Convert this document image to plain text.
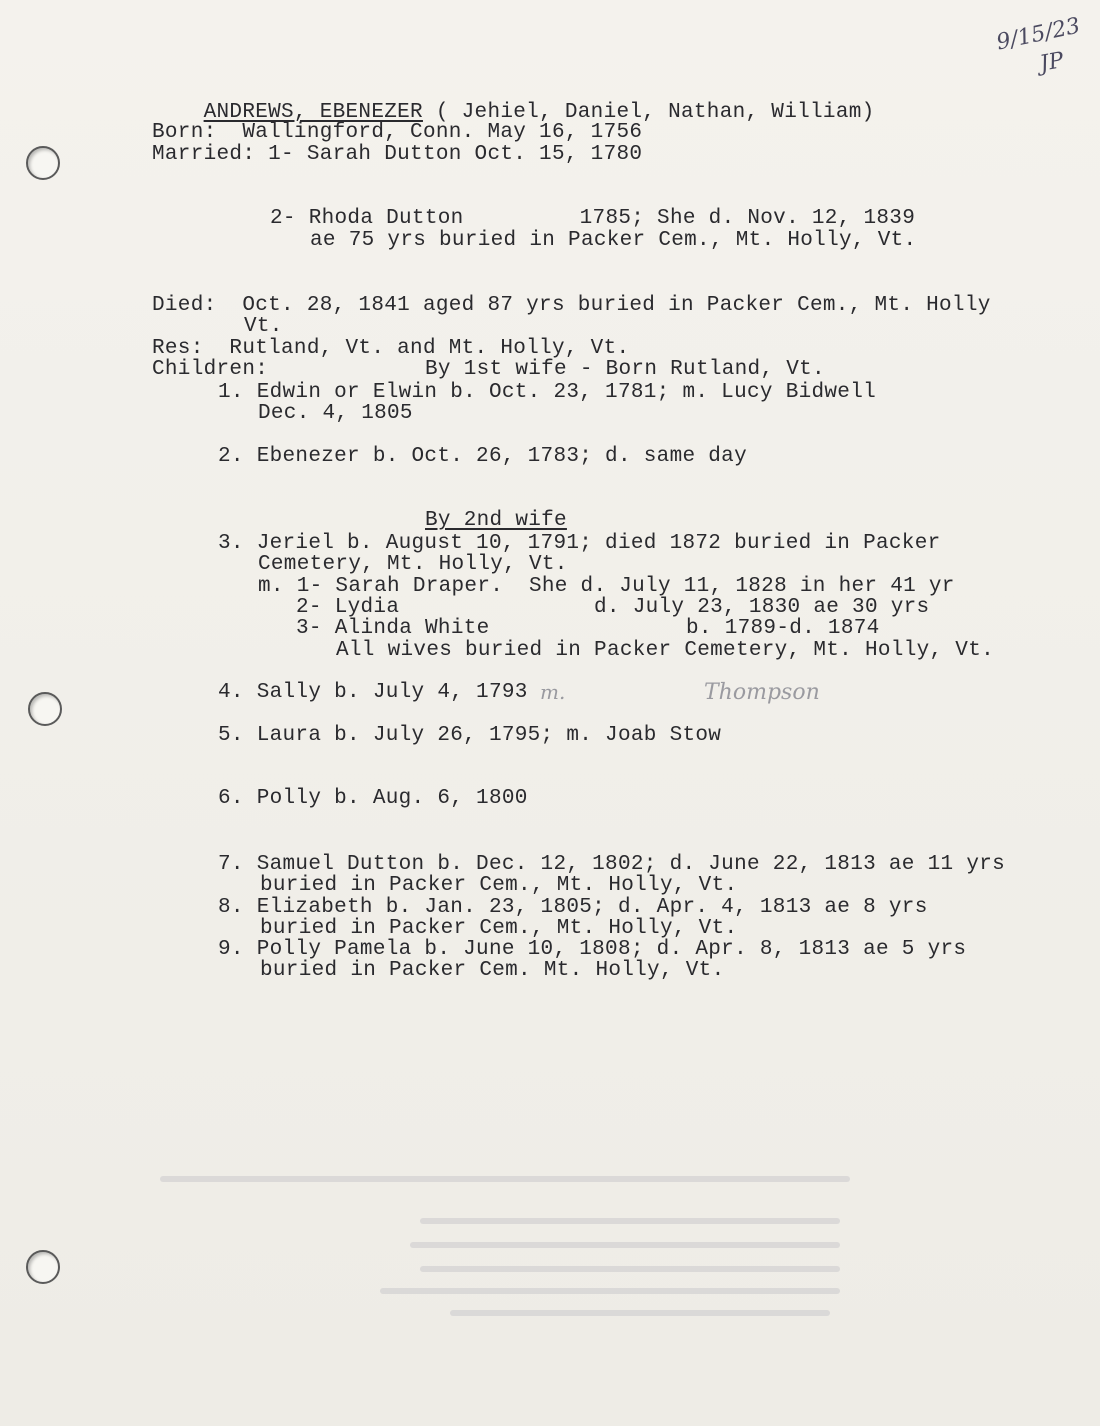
9/15/23
JP

ANDREWS, EBENEZER ( Jehiel, Daniel, Nathan, William)

Born:  Wallingford, Conn. May 16, 1756
Married: 1- Sarah Dutton Oct. 15, 1780
2- Rhoda Dutton         1785; She d. Nov. 12, 1839
ae 75 yrs buried in Packer Cem., Mt. Holly, Vt.
Died:  Oct. 28, 1841 aged 87 yrs buried in Packer Cem., Mt. Holly
Vt.
Res:  Rutland, Vt. and Mt. Holly, Vt.
Children:	By 1st wife - Born Rutland, Vt.
1. Edwin or Elwin b. Oct. 23, 1781; m. Lucy Bidwell
Dec. 4, 1805
2. Ebenezer b. Oct. 26, 1783; d. same day
By 2nd wife
3. Jeriel b. August 10, 1791; died 1872 buried in Packer
Cemetery, Mt. Holly, Vt.
m. 1- Sarah Draper.  She d. July 11, 1828 in her 41 yr
2- Lydia	d. July 23, 1830 ae 30 yrs
3- Alinda White	b. 1789-d. 1874
All wives buried in Packer Cemetery, Mt. Holly, Vt.
4. Sally b. July 4, 1793 m.	Thompson
5. Laura b. July 26, 1795; m. Joab Stow
6. Polly b. Aug. 6, 1800
7. Samuel Dutton b. Dec. 12, 1802; d. June 22, 1813 ae 11 yrs
buried in Packer Cem., Mt. Holly, Vt.
8. Elizabeth b. Jan. 23, 1805; d. Apr. 4, 1813 ae 8 yrs
buried in Packer Cem., Mt. Holly, Vt.
9. Polly Pamela b. June 10, 1808; d. Apr. 8, 1813 ae 5 yrs
buried in Packer Cem. Mt. Holly, Vt.
